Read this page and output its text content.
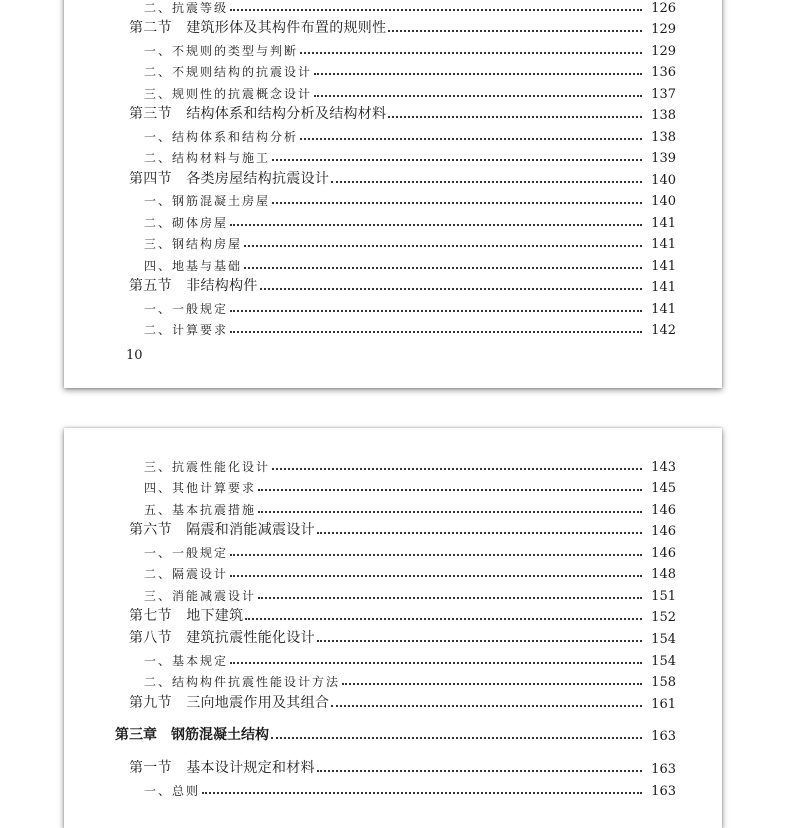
二、抗震等级	126
第二节　建筑形体及其构件布置的规则性	129
一、不规则的类型与判断	129
二、不规则结构的抗震设计	136
三、规则性的抗震概念设计	137
第三节　结构体系和结构分析及结构材料	138
一、结构体系和结构分析	138
二、结构材料与施工	139
第四节　各类房屋结构抗震设计	140
一、钢筋混凝土房屋	140
二、砌体房屋	141
三、钢结构房屋	141
四、地基与基础	141
第五节　非结构构件	141
一、一般规定	141
二、计算要求	142
10
三、抗震性能化设计	143
四、其他计算要求	145
五、基本抗震措施	146
第六节　隔震和消能减震设计	146
一、一般规定	146
二、隔震设计	148
三、消能减震设计	151
第七节　地下建筑	152
第八节　建筑抗震性能化设计	154
一、基本规定	154
二、结构构件抗震性能设计方法	158
第九节　三向地震作用及其组合	161
第三章　钢筋混凝土结构	163
第一节　基本设计规定和材料	163
一、总则	163
